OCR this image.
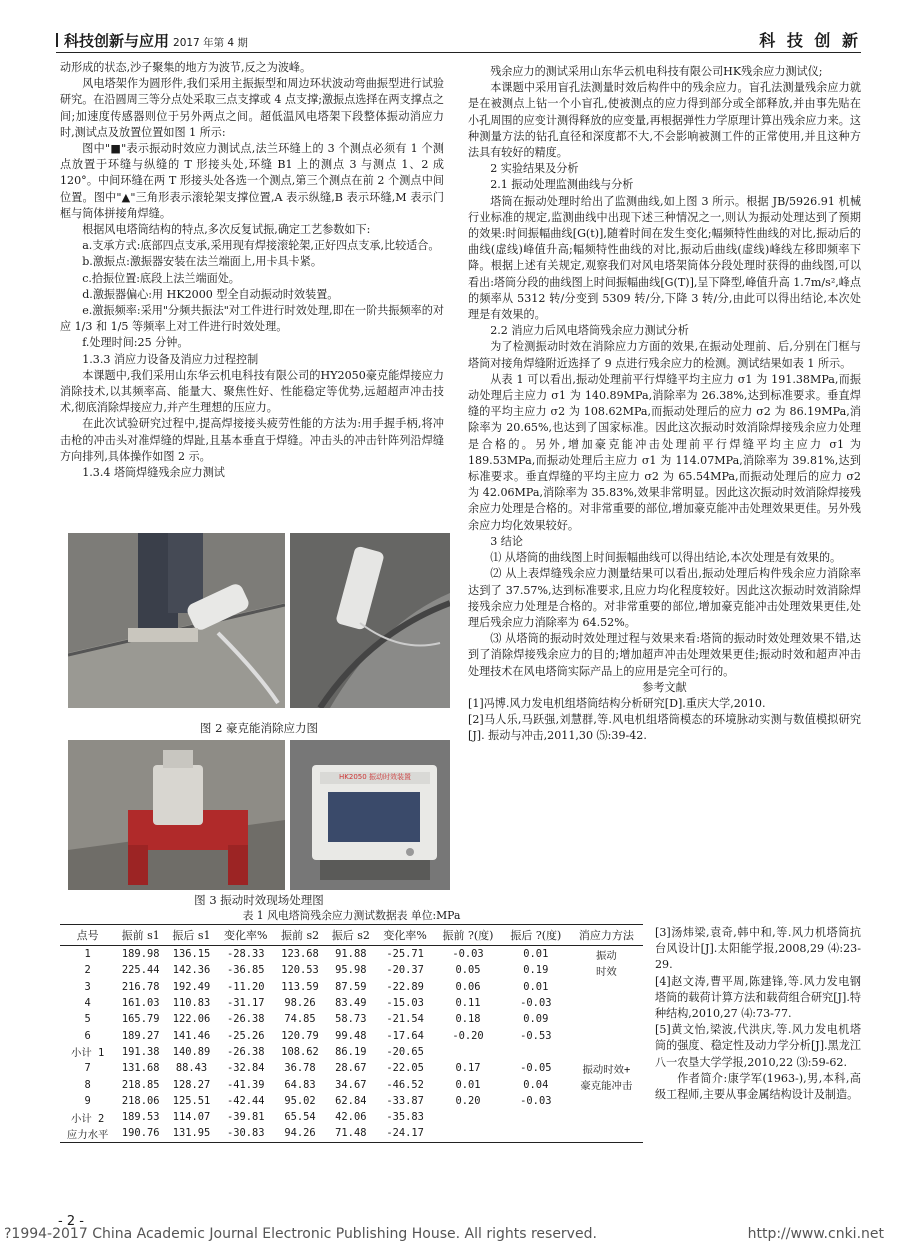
科技创新与应用 2017 年第 4 期	科 技 创 新

动形成的状态,沙子聚集的地方为波节,反之为波峰。

风电塔架作为圆形件,我们采用主振振型和周边环状波动弯曲振型进行试验研究。在沿圆周三等分点处采取三点支撑或 4 点支撑;激振点选择在两支撑点之间;加速度传感器则位于另外两点之间。超低温风电塔架下段整体振动消应力时,测试点及放置位置如图 1 所示:

图中"■"表示振动时效应力测试点,法兰环缝上的 3 个测点必须有 1 个测点放置于环缝与纵缝的 T 形接头处,环缝 B1 上的测点 3 与测点 1、2 成 120°。中间环缝在两 T 形接头处各选一个测点,第三个测点在前 2 个测点中间位置。图中"▲"三角形表示滚轮架支撑位置,A 表示纵缝,B 表示环缝,M 表示门框与筒体拼接角焊缝。

根据风电塔筒结构的特点,多次反复试振,确定工艺参数如下:

a.支承方式:底部四点支承,采用现有焊接滚轮架,正好四点支承,比较适合。

b.激振点:激振器安装在法兰端面上,用卡具卡紧。

c.拾振位置:底段上法兰端面处。

d.激振器偏心:用 HK2000 型全自动振动时效装置。

e.激振频率:采用"分频共振法"对工件进行时效处理,即在一阶共振频率的对应 1/3 和 1/5 等频率上对工件进行时效处理。

f.处理时间:25 分钟。

1.3.3 消应力设备及消应力过程控制

本课题中,我们采用山东华云机电科技有限公司的HY2050豪克能焊接应力消除技术,以其频率高、能量大、聚焦性好、性能稳定等优势,远超超声冲击技术,彻底消除焊接应力,并产生理想的压应力。

在此次试验研究过程中,提高焊接接头疲劳性能的方法为:用手握手柄,将冲击枪的冲击头对准焊缝的焊趾,且基本垂直于焊缝。冲击头的冲击针阵列沿焊缝方向排列,具体操作如图 2 示。

1.3.4 塔筒焊缝残余应力测试

图 2 豪克能消除应力图
HK2050 振动时效装置
图 3 振动时效现场处理图
表 1 风电塔筒残余应力测试数据表 单位:MPa
点号	振前 s1	振后 s1	变化率%	振前 s2	振后 s2	变化率%	振前 ?(度)	振后 ?(度)	消应力方法
1	189.98	136.15	-28.33	123.68	91.88	-25.71	-0.03	0.01	振动
2	225.44	142.36	-36.85	120.53	95.98	-20.37	0.05	0.19	时效
3	216.78	192.49	-11.20	113.59	87.59	-22.89	0.06	0.01	
4	161.03	110.83	-31.17	98.26	83.49	-15.03	0.11	-0.03	
5	165.79	122.06	-26.38	74.85	58.73	-21.54	0.18	0.09	
6	189.27	141.46	-25.26	120.79	99.48	-17.64	-0.20	-0.53	
小计 1	191.38	140.89	-26.38	108.62	86.19	-20.65			
7	131.68	88.43	-32.84	36.78	28.67	-22.05	0.17	-0.05	振动时效+
8	218.85	128.27	-41.39	64.83	34.67	-46.52	0.01	0.04	豪克能冲击
9	218.06	125.51	-42.44	95.02	62.84	-33.87	0.20	-0.03	
小计 2	189.53	114.07	-39.81	65.54	42.06	-35.83			
应力水平	190.76	131.95	-30.83	94.26	71.48	-24.17			

残余应力的测试采用山东华云机电科技有限公司HK残余应力测试仪;

本课题中采用盲孔法测量时效后构件中的残余应力。盲孔法测量残余应力就是在被测点上钻一个小盲孔,使被测点的应力得到部分或全部释放,并由事先贴在小孔周围的应变计测得释放的应变量,再根据弹性力学原理计算出残余应力来。这种测量方法的钻孔直径和深度都不大,不会影响被测工件的正常使用,并且这种方法具有较好的精度。

2 实验结果及分析

2.1 振动处理监测曲线与分析

塔筒在振动处理时给出了监测曲线,如上图 3 所示。根据 JB/5926.91 机械行业标准的规定,监测曲线中出现下述三种情况之一,则认为振动处理达到了预期的效果:时间振幅曲线[G(t)],随着时间在发生变化;幅频特性曲线的对比,振动后的曲线(虚线)峰值升高;幅频特性曲线的对比,振动后曲线(虚线)峰线左移即频率下降。根据上述有关规定,观察我们对风电塔架筒体分段处理时获得的曲线图,可以看出:塔筒分段的曲线图上时间振幅曲线[G(T)],呈下降型,峰值升高 1.7m/s²,峰点的频率从 5312 转/分变到 5309 转/分,下降 3 转/分,由此可以得出结论,本次处理是有效果的。

2.2 消应力后风电塔筒残余应力测试分析

为了检测振动时效在消除应力方面的效果,在振动处理前、后,分别在门框与塔筒对接角焊缝附近选择了 9 点进行残余应力的检测。测试结果如表 1 所示。

从表 1 可以看出,振动处理前平行焊缝平均主应力 σ1 为 191.38MPa,而振动处理后主应力 σ1 为 140.89MPa,消除率为 26.38%,达到标准要求。垂直焊缝的平均主应力 σ2 为 108.62MPa,而振动处理后的应力 σ2 为 86.19MPa,消除率为 20.65%,也达到了国家标准。因此这次振动时效消除焊接残余应力处理是合格的。另外,增加豪克能冲击处理前平行焊缝平均主应力 σ1 为 189.53MPa,而振动处理后主应力 σ1 为 114.07MPa,消除率为 39.81%,达到标准要求。垂直焊缝的平均主应力 σ2 为 65.54MPa,而振动处理后的应力 σ2 为 42.06MPa,消除率为 35.83%,效果非常明显。因此这次振动时效消除焊接残余应力处理是合格的。对非常重要的部位,增加豪克能冲击处理效果更佳。另外残余应力均化效果较好。

3 结论

⑴ 从塔筒的曲线图上时间振幅曲线可以得出结论,本次处理是有效果的。

⑵ 从上表焊缝残余应力测量结果可以看出,振动处理后构件残余应力消除率达到了 37.57%,达到标准要求,且应力均化程度较好。因此这次振动时效消除焊接残余应力处理是合格的。对非常重要的部位,增加豪克能冲击处理效果更佳,处理后残余应力消除率为 64.52%。

⑶ 从塔筒的振动时效处理过程与效果来看:塔筒的振动时效处理效果不错,达到了消除焊接残余应力的目的;增加超声冲击处理效果更佳;振动时效和超声冲击处理技术在风电塔筒实际产品上的应用是完全可行的。

参考文献

[1]冯博.风力发电机组塔筒结构分析研究[D].重庆大学,2010.

[2]马人乐,马跃强,刘慧群,等.风电机组塔筒模态的环境脉动实测与数值模拟研究 [J]. 振动与冲击,2011,30 ⑸:39-42.

[3]汤炜梁,袁奇,韩中和,等.风力机塔筒抗台风设计[J].太阳能学报,2008,29 ⑷:23-29.

[4]赵文涛,曹平周,陈建锋,等.风力发电钢塔筒的载荷计算方法和载荷组合研究[J].特种结构,2010,27 ⑷:73-77.

[5]黄文怡,梁波,代洪庆,等.风力发电机塔筒的强度、稳定性及动力学分析[J].黑龙江八一农垦大学学报,2010,22 ⑶:59-62.

作者简介:康学军(1963-),男,本科,高级工程师,主要从事金属结构设计及制造。

- 2 -
?1994-2017 China Academic Journal Electronic Publishing House. All rights reserved.	http://www.cnki.net
